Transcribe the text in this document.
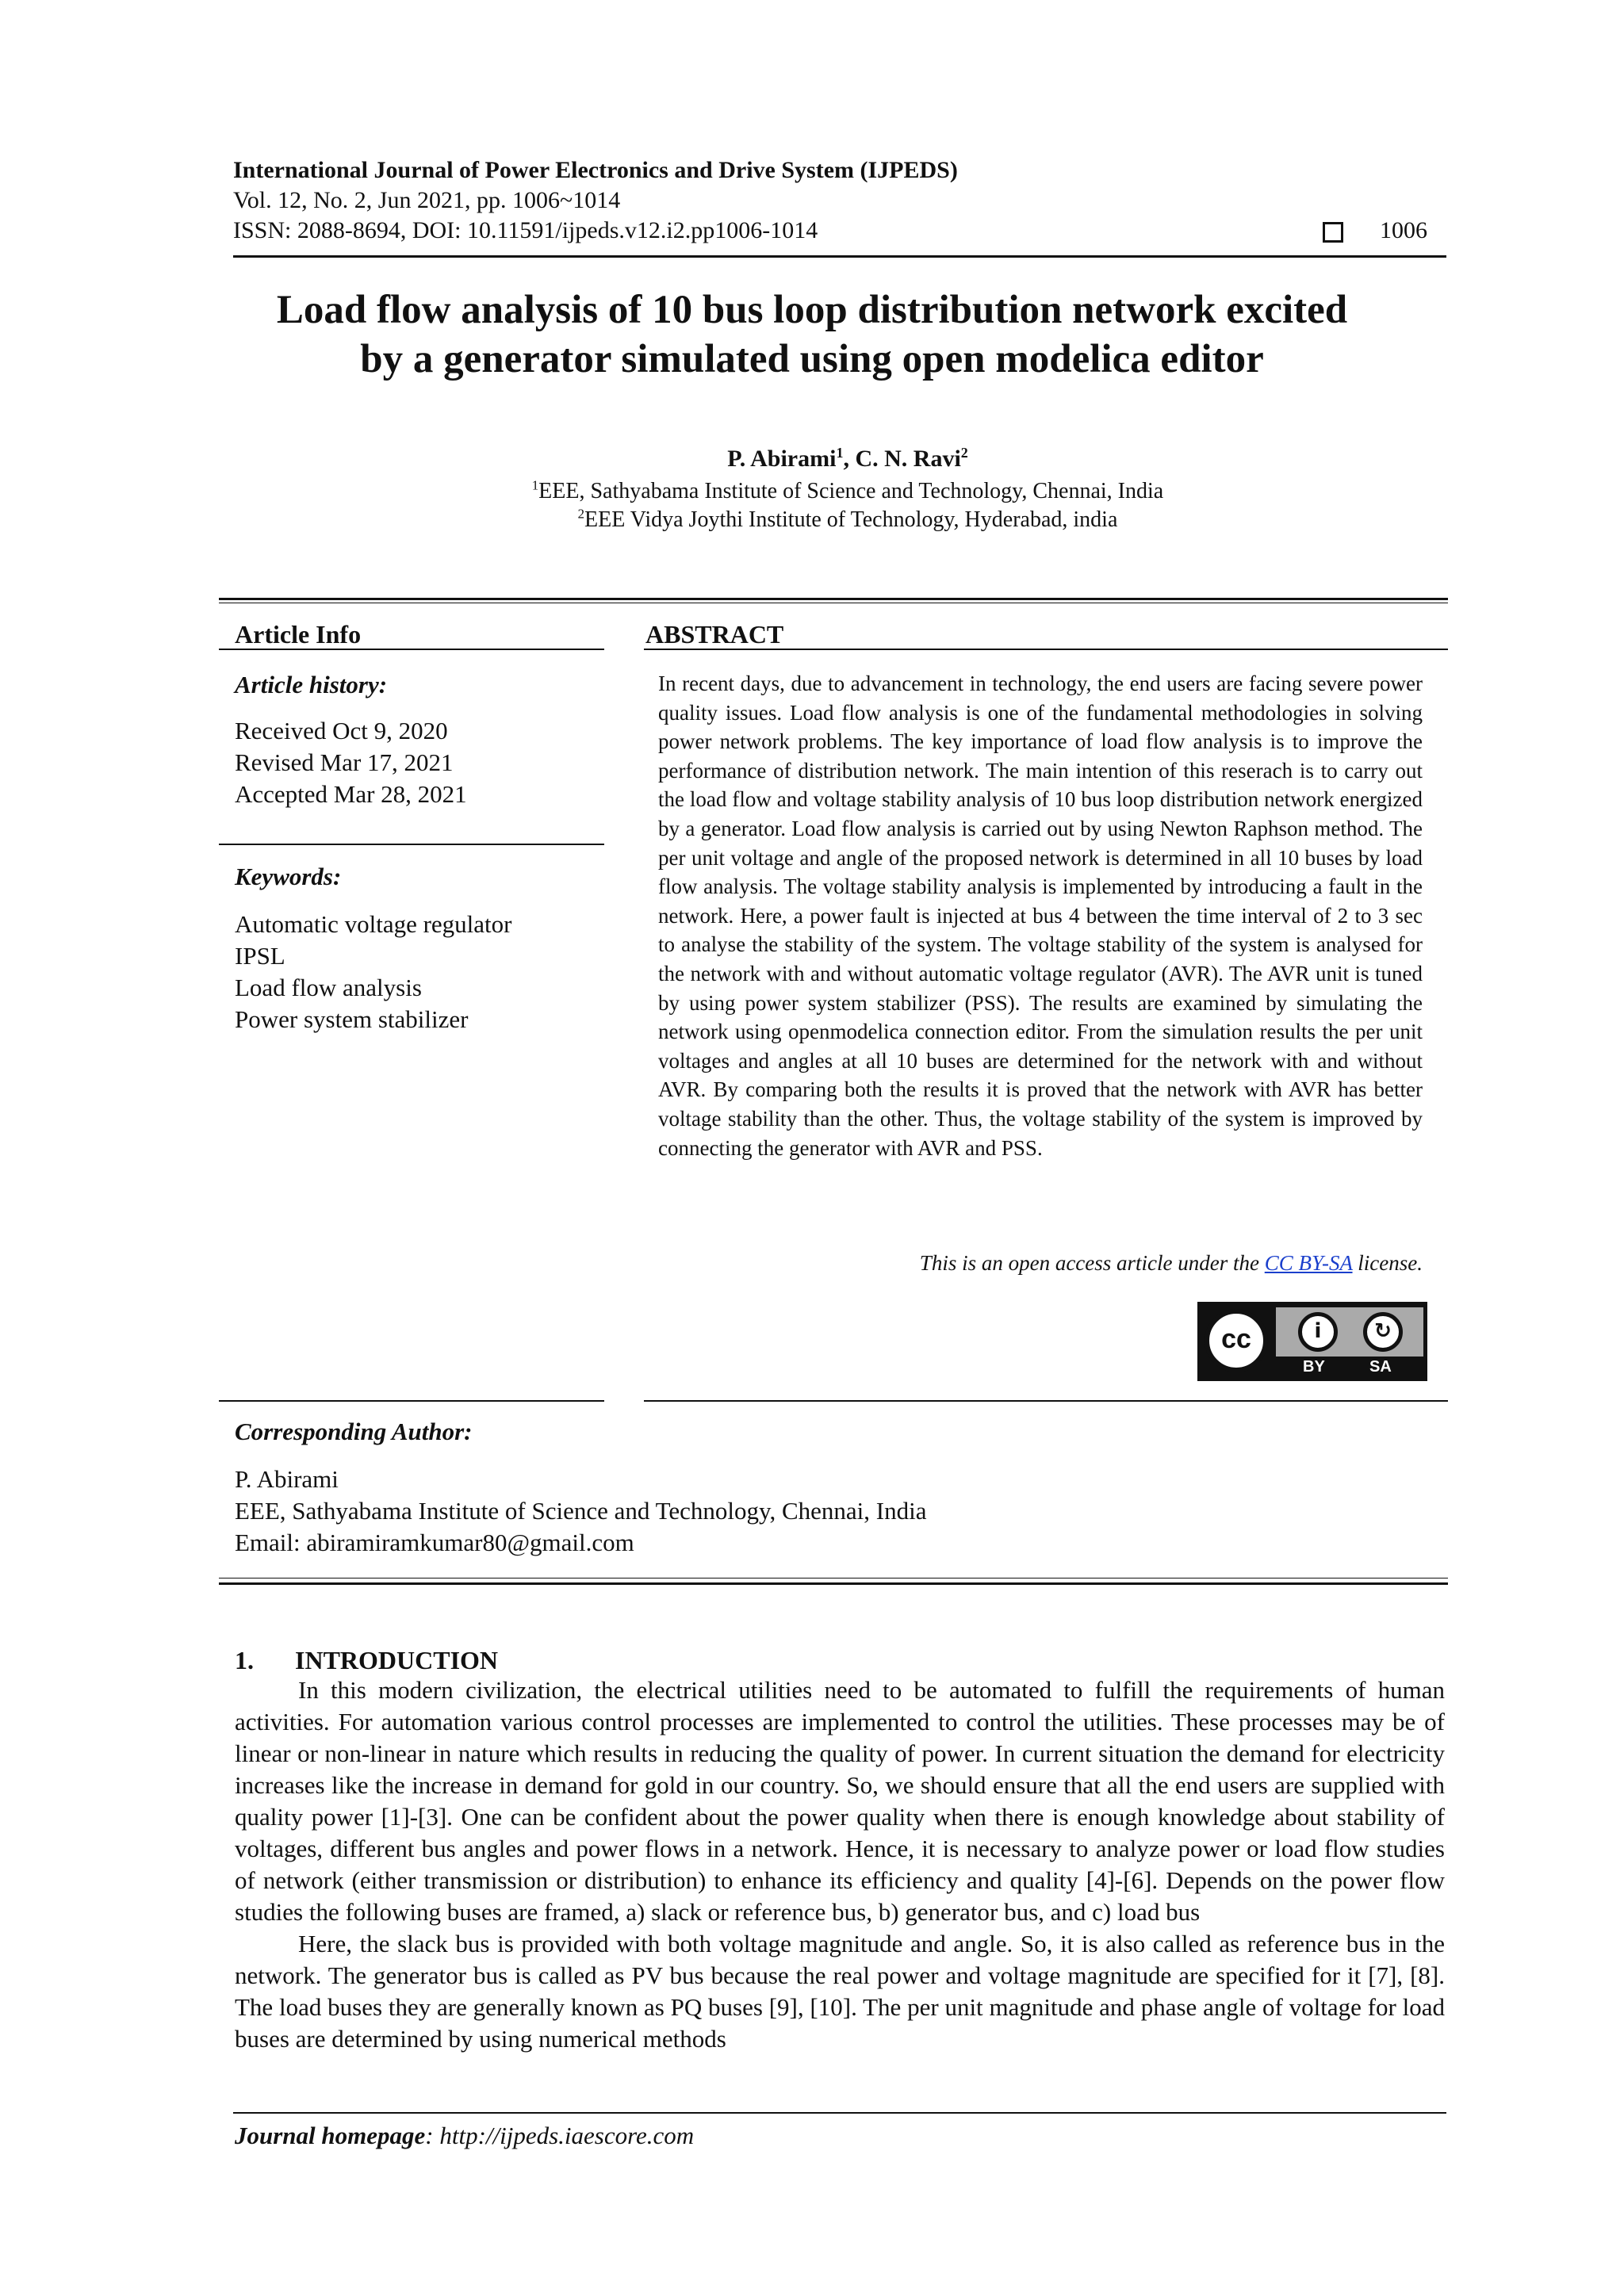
International Journal of Power Electronics and Drive System (IJPEDS)
Vol. 12, No. 2, Jun 2021, pp. 1006~1014
ISSN: 2088-8694, DOI: 10.11591/ijpeds.v12.i2.pp1006-1014	1006
Load flow analysis of 10 bus loop distribution network excited
by a generator simulated using open modelica editor
P. Abirami$^1$, C. N. Ravi$^2$
$^1$EEE, Sathyabama Institute of Science and Technology, Chennai, India
$^2$EEE Vidya Joythi Institute of Technology, Hyderabad, india
Article Info
Article history:
Received Oct 9, 2020
Revised Mar 17, 2021
Accepted Mar 28, 2021
Keywords:
Automatic voltage regulator
IPSL
Load flow analysis
Power system stabilizer
ABSTRACT
In recent days, due to advancement in technology, the end users are facing severe power quality issues. Load flow analysis is one of the fundamental methodologies in solving power network problems. The key importance of load flow analysis is to improve the performance of distribution network. The main intention of this reserach is to carry out the load flow and voltage stability analysis of 10 bus loop distribution network energized by a generator. Load flow analysis is carried out by using Newton Raphson method. The per unit voltage and angle of the proposed network is determined in all 10 buses by load flow analysis. The voltage stability analysis is implemented by introducing a fault in the network. Here, a power fault is injected at bus 4 between the time interval of 2 to 3 sec to analyse the stability of the system. The voltage stability of the system is analysed for the network with and without automatic voltage regulator (AVR). The AVR unit is tuned by using power system stabilizer (PSS). The results are examined by simulating the network using openmodelica connection editor. From the simulation results the per unit voltages and angles at all 10 buses are determined for the network with and without AVR. By comparing both the results it is proved that the network with AVR has better voltage stability than the other. Thus, the voltage stability of the system is improved by connecting the generator with AVR and PSS.
This is an open access article under the CC BY-SA license.
cc	i	↻
BY	SA
Corresponding Author:
P. Abirami
EEE, Sathyabama Institute of Science and Technology, Chennai, India
Email: abiramiramkumar80@gmail.com
1. INTRODUCTION

In this modern civilization, the electrical utilities need to be automated to fulfill the requirements of human activities. For automation various control processes are implemented to control the utilities. These processes may be of linear or non-linear in nature which results in reducing the quality of power. In current situation the demand for electricity increases like the increase in demand for gold in our country. So, we should ensure that all the end users are supplied with quality power [1]-[3]. One can be confident about the power quality when there is enough knowledge about stability of voltages, different bus angles and power flows in a network. Hence, it is necessary to analyze power or load flow studies of network (either transmission or distribution) to enhance its efficiency and quality [4]-[6]. Depends on the power flow studies the following buses are framed, a) slack or reference bus, b) generator bus, and c) load bus

Here, the slack bus is provided with both voltage magnitude and angle. So, it is also called as reference bus in the network. The generator bus is called as PV bus because the real power and voltage magnitude are specified for it [7], [8]. The load buses they are generally known as PQ buses [9], [10]. The per unit magnitude and phase angle of voltage for load buses are determined by using numerical methods

Journal homepage: http://ijpeds.iaescore.com
